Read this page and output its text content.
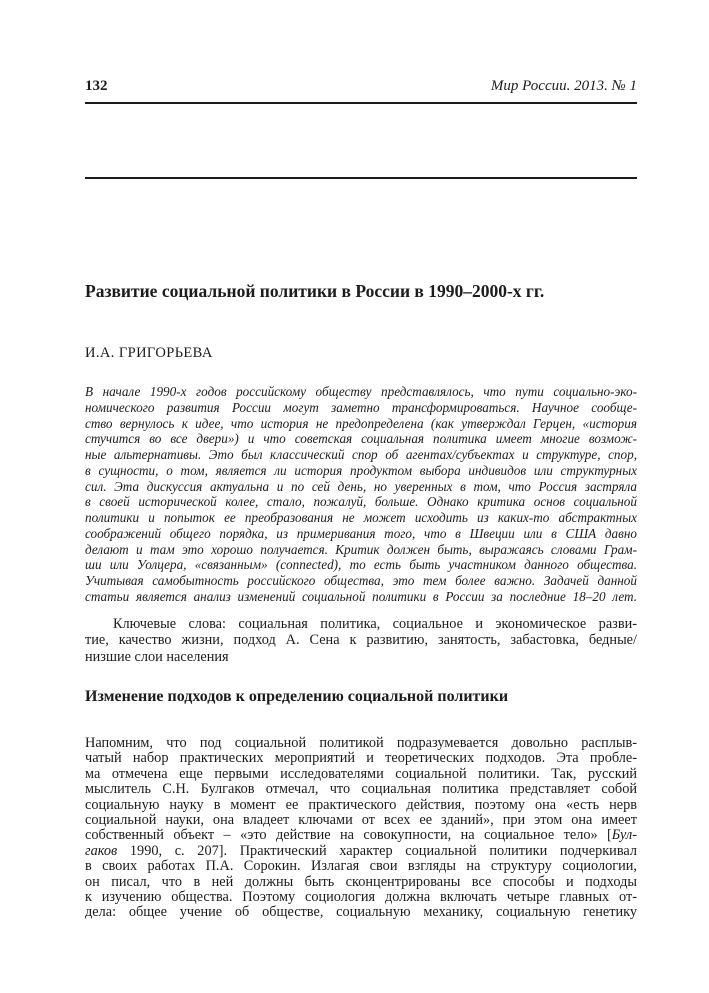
132	Мир России. 2013. № 1
Развитие социальной политики в России в 1990–2000-х гг.
И.А. ГРИГОРЬЕВА
В начале 1990-х годов российскому обществу представлялось, что пути социально-эко-
номического развития России могут заметно трансформироваться. Научное сообще-
ство вернулось к идее, что история не предопределена (как утверждал Герцен, «история
стучится во все двери») и что советская социальная политика имеет многие возмож-
ные альтернативы. Это был классический спор об агентах/субъектах и структуре, спор,
в сущности, о том, является ли история продуктом выбора индивидов или структурных
сил. Эта дискуссия актуальна и по сей день, но уверенных в том, что Россия застряла
в своей исторической колее, стало, пожалуй, больше. Однако критика основ социальной
политики и попыток ее преобразования не может исходить из каких-то абстрактных
соображений общего порядка, из примеривания того, что в Швеции или в США давно
делают и там это хорошо получается. Критик должен быть, выражаясь словами Грам-
ши или Уолцера, «связанным» (connected), то есть быть участником данного общества.
Учитывая самобытность российского общества, это тем более важно. Задачей данной
статьи является анализ изменений социальной политики в России за последние 18–20 лет.
Ключевые слова: социальная политика, социальное и экономическое разви-
тие, качество жизни, подход А. Сена к развитию, занятость, забастовка, бедные/
низшие слои населения
Изменение подходов к определению социальной политики
Напомним, что под социальной политикой подразумевается довольно расплыв-
чатый набор практических мероприятий и теоретических подходов. Эта пробле-
ма отмечена еще первыми исследователями социальной политики. Так, русский
мыслитель С.Н. Булгаков отмечал, что социальная политика представляет собой
социальную науку в момент ее практического действия, поэтому она «есть нерв
социальной науки, она владеет ключами от всех ее зданий», при этом она имеет
собственный объект – «это действие на совокупности, на социальное тело» [Бул-
гаков 1990, с. 207]. Практический характер социальной политики подчеркивал
в своих работах П.А. Сорокин. Излагая свои взгляды на структуру социологии,
он писал, что в ней должны быть сконцентрированы все способы и подходы
к изучению общества. Поэтому социология должна включать четыре главных от-
дела: общее учение об обществе, социальную механику, социальную генетику
